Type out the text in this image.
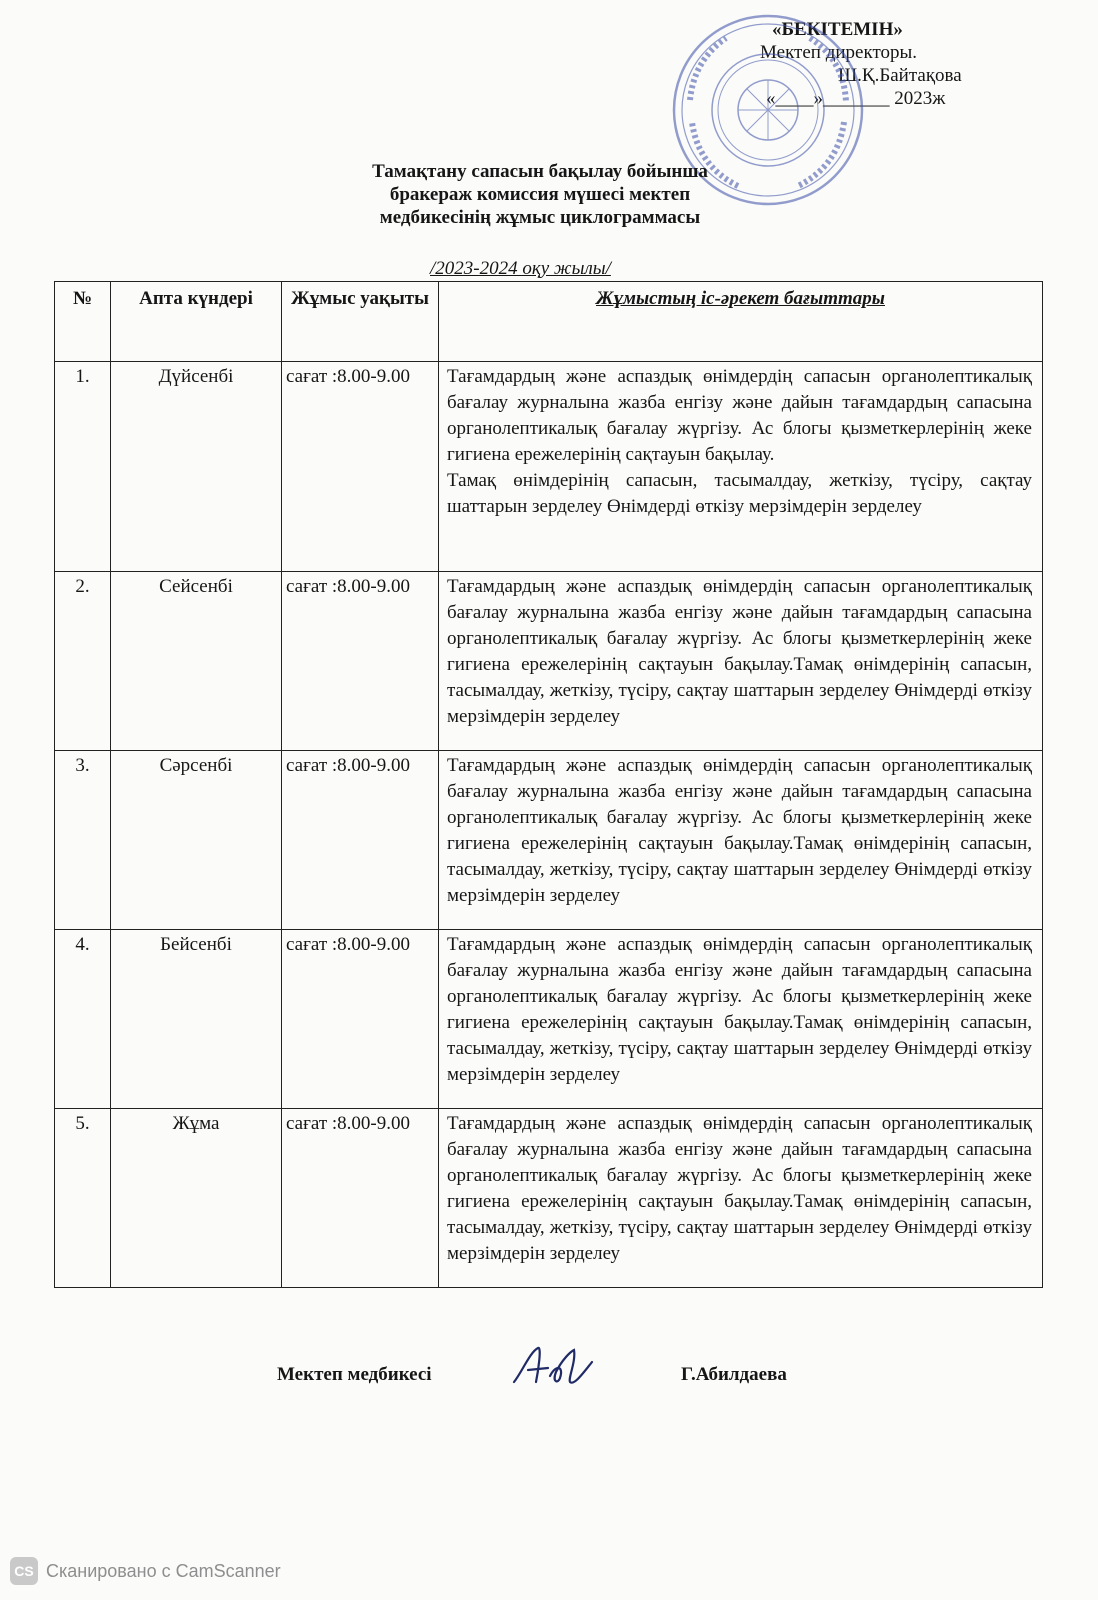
«БЕКІТЕМІН»
Мектеп директоры.
Ш.Қ.Байтақова
«____»_______ 2023ж
Тамақтану сапасын бақылау бойынша
бракераж комиссия мүшесі мектеп
медбикесінің жұмыс циклограммасы
/2023-2024 оқу жылы/
№	Апта күндері	Жұмыс уақыты	Жұмыстың іс-әрекет бағыттары
1.	Дүйсенбі	сағат :8.00-9.00	Тағамдардың және аспаздық өнімдердің сапасын органолептикалық бағалау журналына жазба енгізу және дайын тағамдардың сапасына органолептикалық бағалау жүргізу. Ас блогы қызметкерлерінің жеке гигиена ережелерінің сақтауын бақылау.
Тамақ өнімдерінің сапасын, тасымалдау, жеткізу, түсіру, сақтау шаттарын зерделеу Өнімдерді өткізу мерзімдерін зерделеу

2.	Сейсенбі	сағат :8.00-9.00	Тағамдардың және аспаздық өнімдердің сапасын органолептикалық бағалау журналына жазба енгізу және дайын тағамдардың сапасына органолептикалық бағалау жүргізу. Ас блогы қызметкерлерінің жеке гигиена ережелерінің сақтауын бақылау.Тамақ өнімдерінің сапасын, тасымалдау, жеткізу, түсіру, сақтау шаттарын зерделеу Өнімдерді өткізу мерзімдерін зерделеу
3.	Сәрсенбі	сағат :8.00-9.00	Тағамдардың және аспаздық өнімдердің сапасын органолептикалық бағалау журналына жазба енгізу және дайын тағамдардың сапасына органолептикалық бағалау жүргізу. Ас блогы қызметкерлерінің жеке гигиена ережелерінің сақтауын бақылау.Тамақ өнімдерінің сапасын, тасымалдау, жеткізу, түсіру, сақтау шаттарын зерделеу Өнімдерді өткізу мерзімдерін зерделеу
4.	Бейсенбі	сағат :8.00-9.00	Тағамдардың және аспаздық өнімдердің сапасын органолептикалық бағалау журналына жазба енгізу және дайын тағамдардың сапасына органолептикалық бағалау жүргізу. Ас блогы қызметкерлерінің жеке гигиена ережелерінің сақтауын бақылау.Тамақ өнімдерінің сапасын, тасымалдау, жеткізу, түсіру, сақтау шаттарын зерделеу Өнімдерді өткізу мерзімдерін зерделеу
5.	Жұма	сағат :8.00-9.00	Тағамдардың және аспаздық өнімдердің сапасын органолептикалық бағалау журналына жазба енгізу және дайын тағамдардың сапасына органолептикалық бағалау жүргізу. Ас блогы қызметкерлерінің жеке гигиена ережелерінің сақтауын бақылау.Тамақ өнімдерінің сапасын, тасымалдау, жеткізу, түсіру, сақтау шаттарын зерделеу Өнімдерді өткізу мерзімдерін зерделеу
Мектеп медбикесі	Г.Абилдаева
CS Сканировано с CamScanner
